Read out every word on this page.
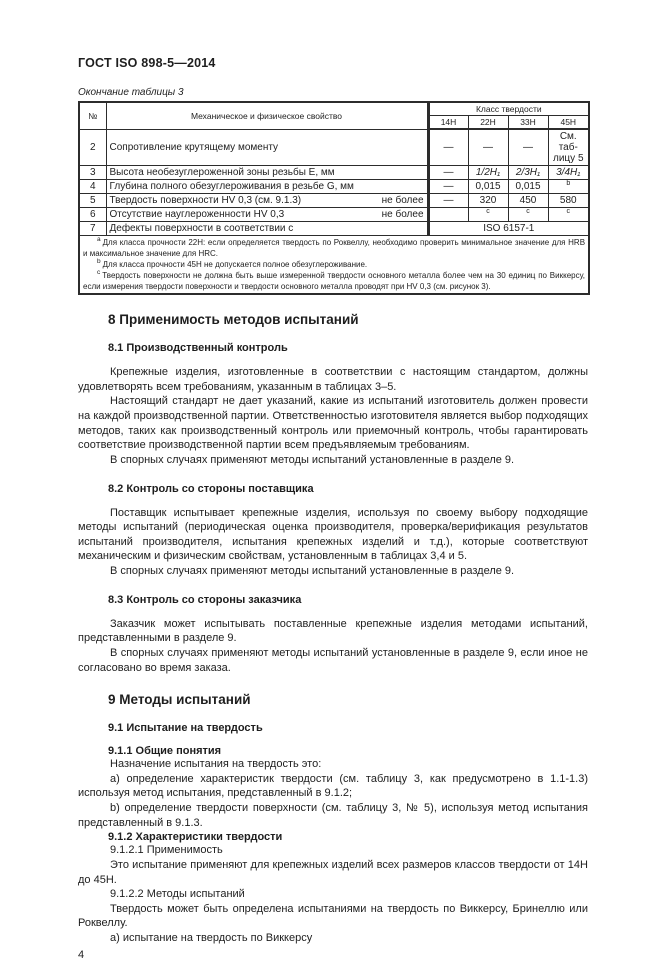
ГОСТ ISO 898-5—2014
Окончание таблицы 3
№	Механическое и физическое свойство	Класс твердости			
		14Н	22Н	33Н	45Н
2	Сопротивление крутящему моменту	—	—	—	См. таб-лицу 5
3	Высота необезуглероженной зоны резьбы E, мм	—	1/2H₁	2/3H₁	3/4H₁
4	Глубина полного обезуглероживания в резьбе G, мм	—	0,015	0,015	b
5	Твердость поверхности HV 0,3 (см. 9.1.3) не более	—	320	450	580
6	Отсутствие науглероженности HV 0,3 не более		c	c	c
7	Дефекты поверхности в соответствии с	ISO 6157-1			

$^a$ Для класса прочности 22Н: если определяется твердость по Роквеллу, необходимо проверить минимальное значение для HRB и максимальное значение для HRC.

$^b$ Для класса прочности 45Н не допускается полное обезуглероживание.

$^c$ Твердость поверхности не должна быть выше измеренной твердости основного металла более чем на 30 единиц по Виккерсу, если измерения твердости поверхности и твердости основного металла проводят при HV 0,3 (см. рисунок 3).					

8 Применимость методов испытаний
8.1 Производственный контроль

Крепежные изделия, изготовленные в соответствии с настоящим стандартом, должны удовлетворять всем требованиям, указанным в таблицах 3–5.

Настоящий стандарт не дает указаний, какие из испытаний изготовитель должен провести на каждой производственной партии. Ответственностью изготовителя является выбор подходящих методов, таких как производственный контроль или приемочный контроль, чтобы гарантировать соответствие производственной партии всем предъявляемым требованиям.

В спорных случаях применяют методы испытаний установленные в разделе 9.

8.2 Контроль со стороны поставщика

Поставщик испытывает крепежные изделия, используя по своему выбору подходящие методы испытаний (периодическая оценка производителя, проверка/верификация результатов испытаний производителя, испытания крепежных изделий и т.д.), которые соответствуют механическим и физическим свойствам, установленным в таблицах 3,4 и 5.

В спорных случаях применяют методы испытаний установленные в разделе 9.

8.3 Контроль со стороны заказчика

Заказчик может испытывать поставленные крепежные изделия методами испытаний, представленными в разделе 9.

В спорных случаях применяют методы испытаний установленные в разделе 9, если иное не согласовано во время заказа.

9 Методы испытаний
9.1 Испытание на твердость
9.1.1 Общие понятия

Назначение испытания на твердость это:

a) определение характеристик твердости (см. таблицу 3, как предусмотрено в 1.1-1.3) используя метод испытания, представленный в 9.1.2;

b) определение твердости поверхности (см. таблицу 3, № 5), используя метод испытания представленный в 9.1.3.

9.1.2 Характеристики твердости

9.1.2.1 Применимость

Это испытание применяют для крепежных изделий всех размеров классов твердости от 14Н до 45Н.

9.1.2.2 Методы испытаний

Твердость может быть определена испытаниями на твердость по Виккерсу, Бринеллю или Роквеллу.

а) испытание на твердость по Виккерсу

4
